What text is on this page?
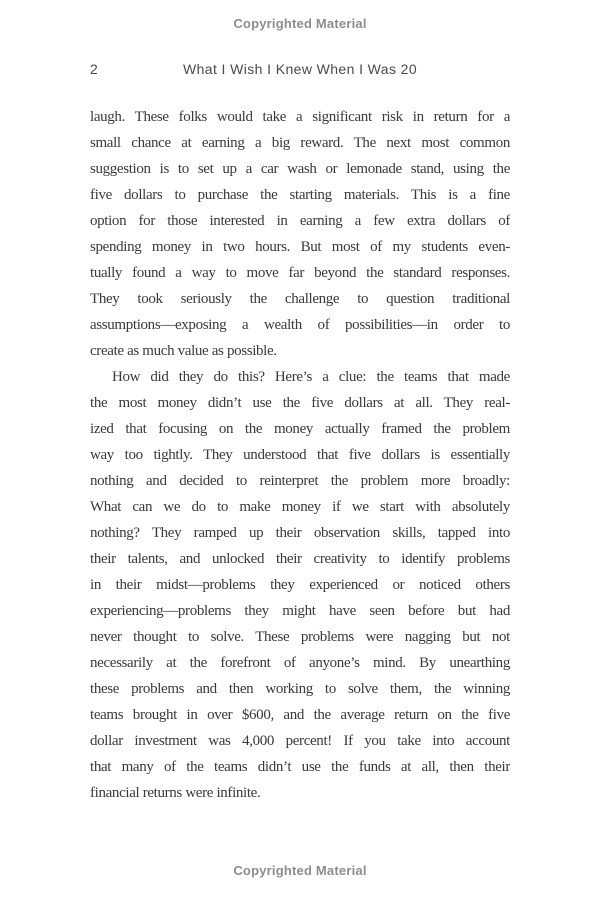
Copyrighted Material
2	What I Wish I Knew When I Was 20
laugh. These folks would take a significant risk in return for a
small chance at earning a big reward. The next most common
suggestion is to set up a car wash or lemonade stand, using the
five dollars to purchase the starting materials. This is a fine
option for those interested in earning a few extra dollars of
spending money in two hours. But most of my students even-
tually found a way to move far beyond the standard responses.
They took seriously the challenge to question traditional
assumptions—exposing a wealth of possibilities—in order to
create as much value as possible.
How did they do this? Here’s a clue: the teams that made
the most money didn’t use the five dollars at all. They real-
ized that focusing on the money actually framed the problem
way too tightly. They understood that five dollars is essentially
nothing and decided to reinterpret the problem more broadly:
What can we do to make money if we start with absolutely
nothing? They ramped up their observation skills, tapped into
their talents, and unlocked their creativity to identify problems
in their midst—problems they experienced or noticed others
experiencing—problems they might have seen before but had
never thought to solve. These problems were nagging but not
necessarily at the forefront of anyone’s mind. By unearthing
these problems and then working to solve them, the winning
teams brought in over $600, and the average return on the five
dollar investment was 4,000 percent! If you take into account
that many of the teams didn’t use the funds at all, then their
financial returns were infinite.
Copyrighted Material
